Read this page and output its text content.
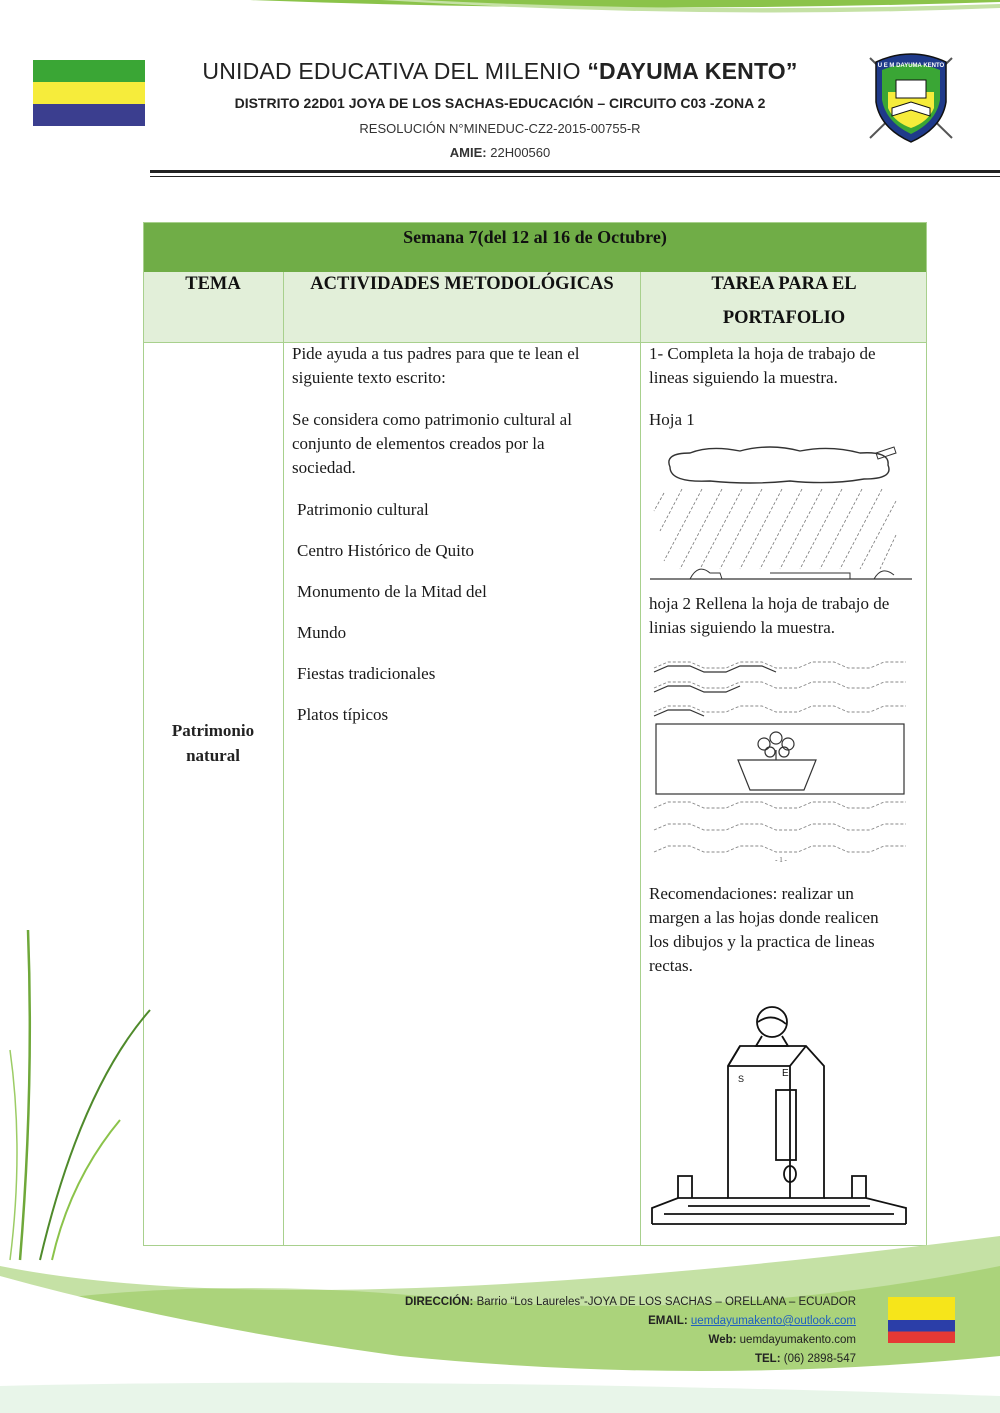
UNIDAD EDUCATIVA DEL MILENIO “DAYUMA KENTO”
DISTRITO 22D01 JOYA DE LOS SACHAS-EDUCACIÓN – CIRCUITO C03 -ZONA 2
RESOLUCIÓN N°MINEDUC-CZ2-2015-00755-R
AMIE: 22H00560
U E M DAYUMA KENTO
Semana 7(del 12 al 16 de Octubre)
TEMA	ACTIVIDADES METODOLÓGICAS	TAREA PARA EL
PORTAFOLIO
Patrimonio
natural
Pide ayuda a tus padres para que te lean el
siguiente texto escrito:
Se considera como patrimonio cultural al
conjunto de elementos creados por la
sociedad.
Patrimonio cultural
Centro Histórico de Quito
Monumento de la Mitad del
Mundo
Fiestas tradicionales
Platos típicos
1- Completa la hoja de trabajo de
lineas siguiendo la muestra.
Hoja 1
hoja 2 Rellena la hoja de trabajo de
linias siguiendo la muestra.
- 1 -
Recomendaciones: realizar un
margen a las hojas donde realicen
los dibujos y la practica de lineas
rectas.
S	E
DIRECCIÓN: Barrio “Los Laureles”-JOYA DE LOS SACHAS – ORELLANA – ECUADOR
EMAIL: uemdayumakento@outlook.com
Web: uemdayumakento.com
TEL: (06) 2898-547
